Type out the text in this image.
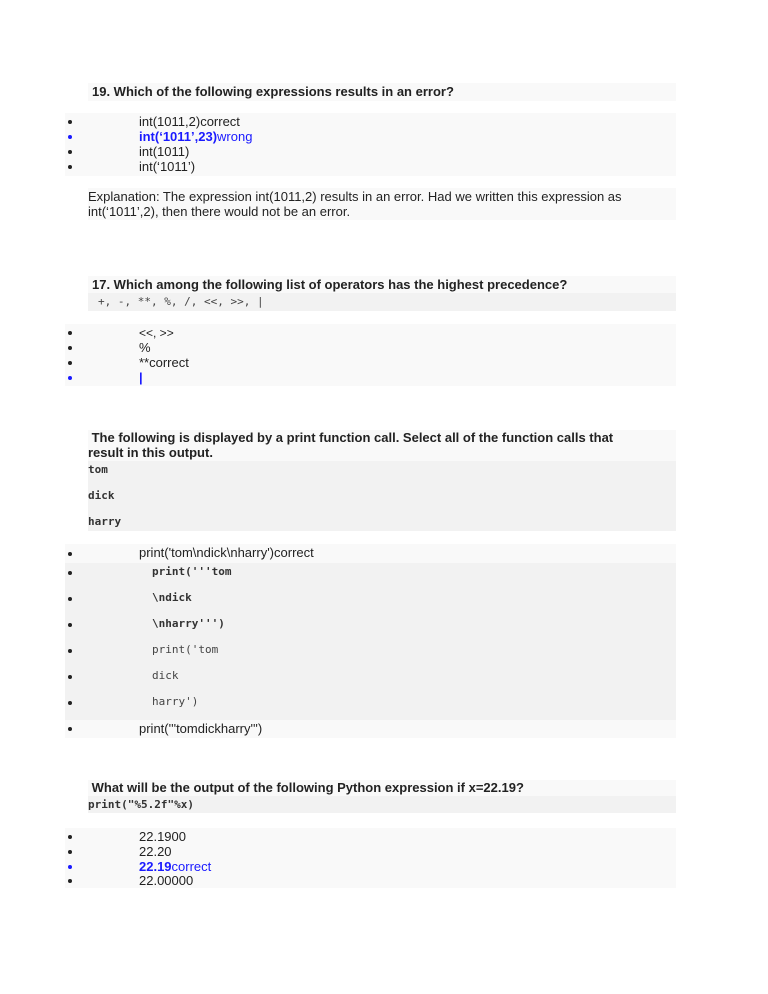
19. Which of the following expressions results in an error?
int(1011,2)correct
int(‘1011’,23)wrong
int(1011)
int(‘1011’)
Explanation: The expression int(1011,2) results in an error. Had we written this expression as
int(‘1011’,2), then there would not be an error.
17. Which among the following list of operators has the highest precedence?
+, -, **, %, /, <<, >>, |
<<, >>
%
**correct
|
The following is displayed by a print function call. Select all of the function calls that
result in this output.
tom
dick
harry
print('tom\ndick\nharry')correct
print('''tom
\ndick
\nharry''')
print('tom
dick
harry')
print('''tomdickharry''')
What will be the output of the following Python expression if x=22.19?
print("%5.2f"%x)
22.1900
22.20
22.19correct
22.00000
